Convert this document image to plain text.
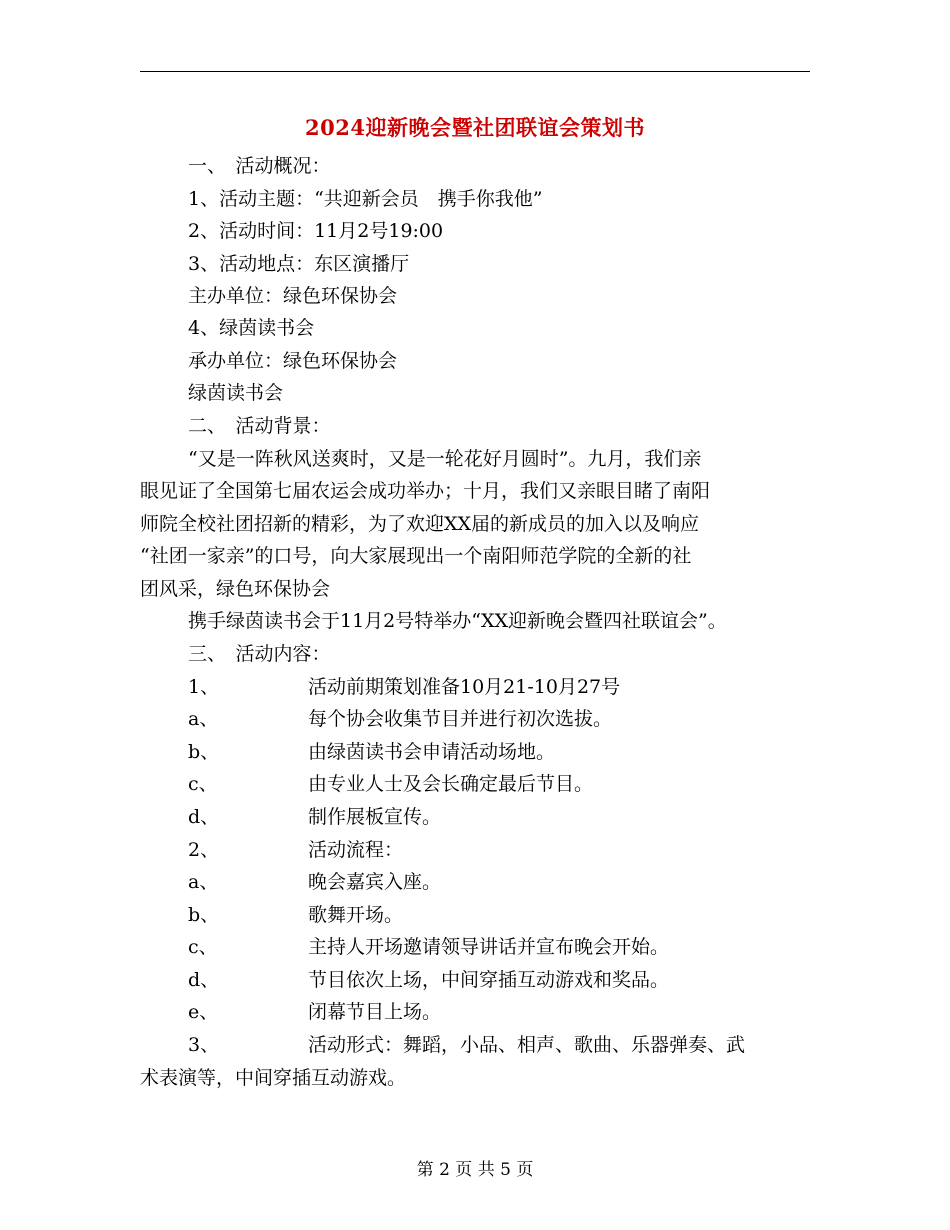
2024迎新晚会暨社团联谊会策划书
一、　活动概况：
1、活动主题：“共迎新会员　携手你我他”
2、活动时间：11月2号19:00
3、活动地点：东区演播厅
主办单位：绿色环保协会
4、绿茵读书会
承办单位：绿色环保协会
绿茵读书会
二、　活动背景：
“又是一阵秋风送爽时，又是一轮花好月圆时”。九月，我们亲
眼见证了全国第七届农运会成功举办；十月，我们又亲眼目睹了南阳
师院全校社团招新的精彩，为了欢迎XX届的新成员的加入以及响应
“社团一家亲”的口号，向大家展现出一个南阳师范学院的全新的社
团风采，绿色环保协会
携手绿茵读书会于11月2号特举办“XX迎新晚会暨四社联谊会”。
三、　活动内容：
1、	活动前期策划准备10月21-10月27号
a、	每个协会收集节目并进行初次选拔。
b、	由绿茵读书会申请活动场地。
c、	由专业人士及会长确定最后节目。
d、	制作展板宣传。
2、	活动流程：
a、	晚会嘉宾入座。
b、	歌舞开场。
c、	主持人开场邀请领导讲话并宣布晚会开始。
d、	节目依次上场，中间穿插互动游戏和奖品。
e、	闭幕节目上场。
3、	活动形式：舞蹈，小品、相声、歌曲、乐器弹奏、武
术表演等，中间穿插互动游戏。
第 2 页 共 5 页
